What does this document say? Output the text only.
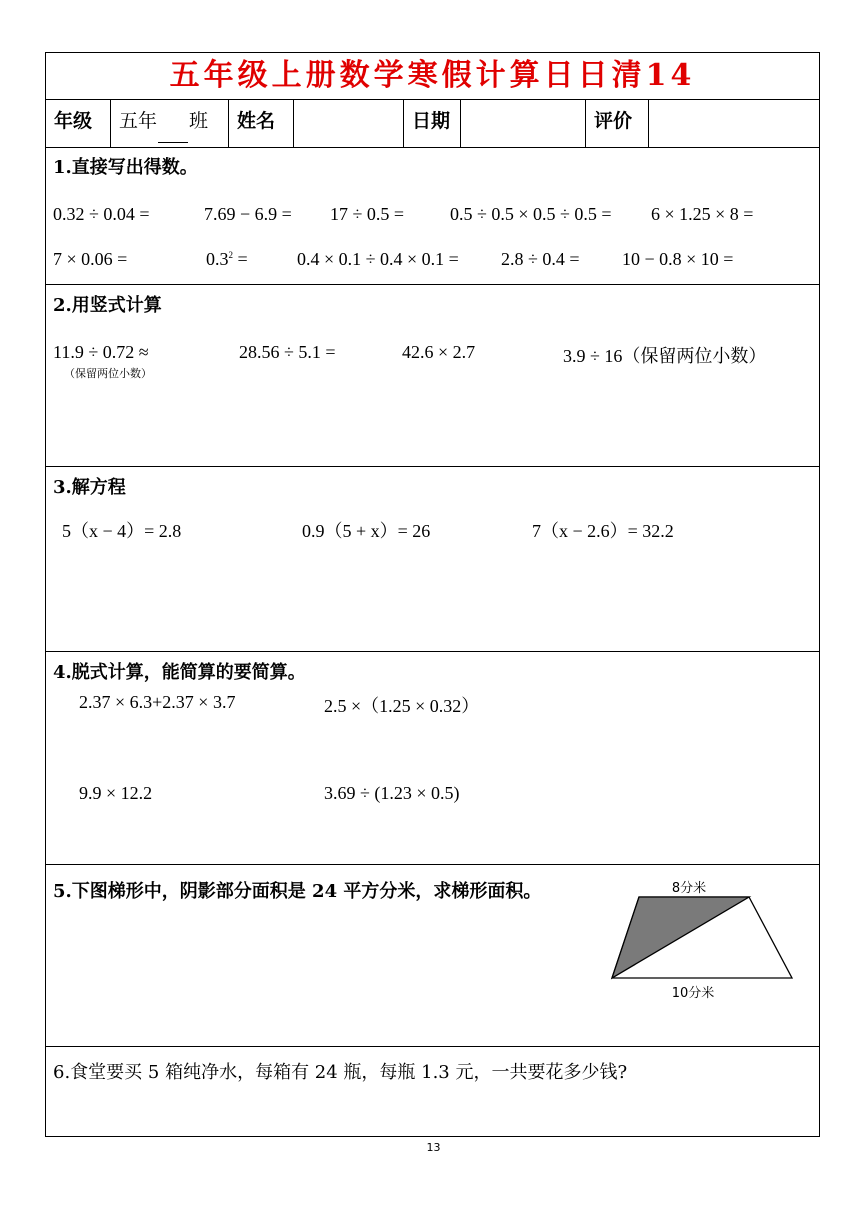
五年级上册数学寒假计算日日清14
年级	五年 班	姓名	日期	评价
1.直接写出得数。
0.32 ÷ 0.04 =	7.69 − 6.9 = 17 ÷ 0.5 =	0.5 ÷ 0.5 × 0.5 ÷ 0.5 = 6 × 1.25 × 8 =
7 × 0.06 =	$0.3^2$ =	0.4 × 0.1 ÷ 0.4 × 0.1 = 2.8 ÷ 0.4 = 10 − 0.8 × 10 =
2.用竖式计算
11.9 ÷ 0.72 ≈
（保留两位小数）
28.56 ÷ 5.1 =	42.6 × 2.7	3.9 ÷ 16（保留两位小数）
3.解方程
5（x − 4）= 2.8	0.9（5 + x）= 26	7（x − 2.6）= 32.2
4.脱式计算，能简算的要简算。
2.37 × 6.3+2.37 × 3.7	2.5 ×（1.25 × 0.32）
9.9 × 12.2	3.69 ÷ (1.23 × 0.5)
5.下图梯形中，阴影部分面积是 24 平方分米，求梯形面积。	8分米
10分米
6.食堂要买 5 箱纯净水，每箱有 24 瓶，每瓶 1.3 元，一共要花多少钱?
13
